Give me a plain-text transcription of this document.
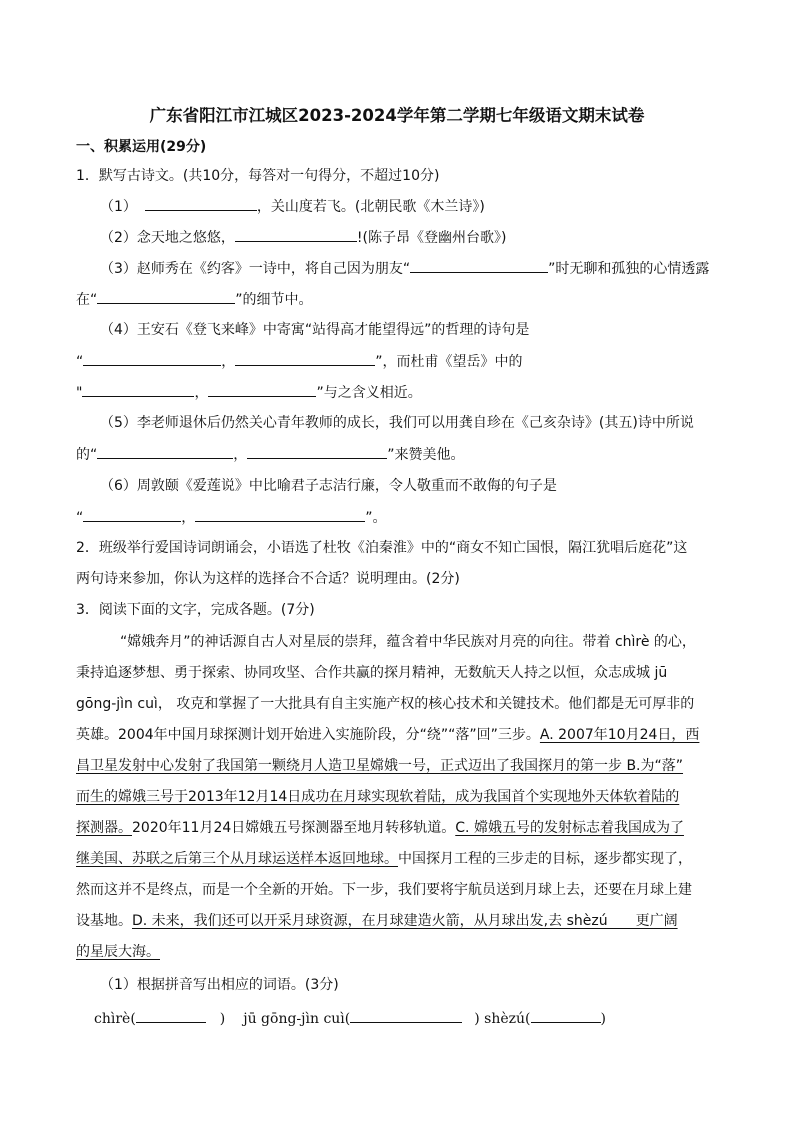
广东省阳江市江城区2023-2024学年第二学期七年级语文期末试卷
一、积累运用(29分)
1．默写古诗文。(共10分，每答对一句得分，不超过10分)
（1）	，关山度若飞。(北朝民歌《木兰诗》)
（2）念天地之悠悠，	!(陈子昂《登幽州台歌》)
（3）赵师秀在《约客》一诗中，将自己因为朋友“	”时无聊和孤独的心情透露
在“	”的细节中。
（4）王安石《登飞来峰》中寄寓“站得高才能望得远”的哲理的诗句是
“	，	”，而杜甫《望岳》中的
"	，	”与之含义相近。
（5）李老师退休后仍然关心青年教师的成长，我们可以用龚自珍在《己亥杂诗》(其五)诗中所说
的“	，	”来赞美他。
（6）周敦颐《爱莲说》中比喻君子志洁行廉，令人敬重而不敢侮的句子是
“	，	”。
2．班级举行爱国诗词朗诵会，小语选了杜牧《泊秦淮》中的“商女不知亡国恨，隔江犹唱后庭花”这
两句诗来参加，你认为这样的选择合不合适？说明理由。(2分)
3．阅读下面的文字，完成各题。(7分)
“嫦娥奔月”的神话源自古人对星辰的崇拜，蕴含着中华民族对月亮的向往。带着 chìrè 的心，
秉持追逐梦想、勇于探索、协同攻坚、合作共赢的探月精神，无数航天人持之以恒，众志成城 jū
gōng-jìn cuì， 攻克和掌握了一大批具有自主实施产权的核心技术和关键技术。他们都是无可厚非的
英雄。2004年中国月球探测计划开始进入实施阶段，分“绕”“落”回”三步。A. 2007年10月24日，西
昌卫星发射中心发射了我国第一颗绕月人造卫星嫦娥一号，正式迈出了我国探月的第一步 B.为“落”
而生的嫦娥三号于2013年12月14日成功在月球实现软着陆，成为我国首个实现地外天体软着陆的
探测器。2020年11月24日嫦娥五号探测器至地月转移轨道。C. 嫦娥五号的发射标志着我国成为了
继美国、苏联之后第三个从月球运送样本返回地球。中国探月工程的三步走的目标，逐步都实现了，
然而这并不是终点，而是一个全新的开始。下一步，我们要将宇航员送到月球上去，还要在月球上建
设基地。D. 未来，我们还可以开采月球资源，在月球建造火箭，从月球出发,去 shèzú　　更广阔
的星辰大海。
（1）根据拼音写出相应的词语。(3分)
chìrè(	) jū gōng-jìn cuì(	) shèzú(	)
